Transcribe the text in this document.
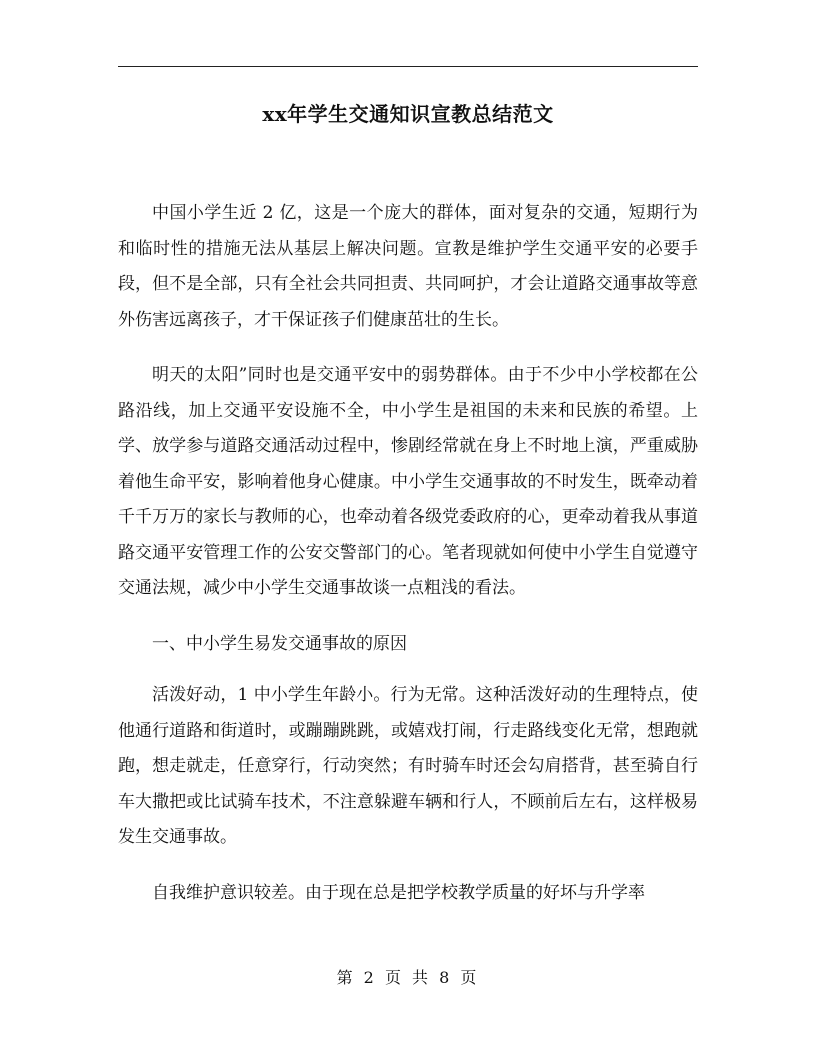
xx年学生交通知识宣教总结范文

中国小学生近 2 亿，这是一个庞大的群体，面对复杂的交通，短期行为和临时性的措施无法从基层上解决问题。宣教是维护学生交通平安的必要手段，但不是全部，只有全社会共同担责、共同呵护，才会让道路交通事故等意外伤害远离孩子，才干保证孩子们健康茁壮的生长。

明天的太阳”同时也是交通平安中的弱势群体。由于不少中小学校都在公路沿线，加上交通平安设施不全，中小学生是祖国的未来和民族的希望。上学、放学参与道路交通活动过程中，惨剧经常就在身上不时地上演，严重威胁着他生命平安，影响着他身心健康。中小学生交通事故的不时发生，既牵动着千千万万的家长与教师的心，也牵动着各级党委政府的心，更牵动着我从事道路交通平安管理工作的公安交警部门的心。笔者现就如何使中小学生自觉遵守交通法规，减少中小学生交通事故谈一点粗浅的看法。

一、中小学生易发交通事故的原因

活泼好动，1 中小学生年龄小。行为无常。这种活泼好动的生理特点，使他通行道路和街道时，或蹦蹦跳跳，或嬉戏打闹，行走路线变化无常，想跑就跑，想走就走，任意穿行，行动突然；有时骑车时还会勾肩搭背，甚至骑自行车大撒把或比试骑车技术，不注意躲避车辆和行人，不顾前后左右，这样极易发生交通事故。

自我维护意识较差。由于现在总是把学校教学质量的好坏与升学率

第 2 页 共 8 页
